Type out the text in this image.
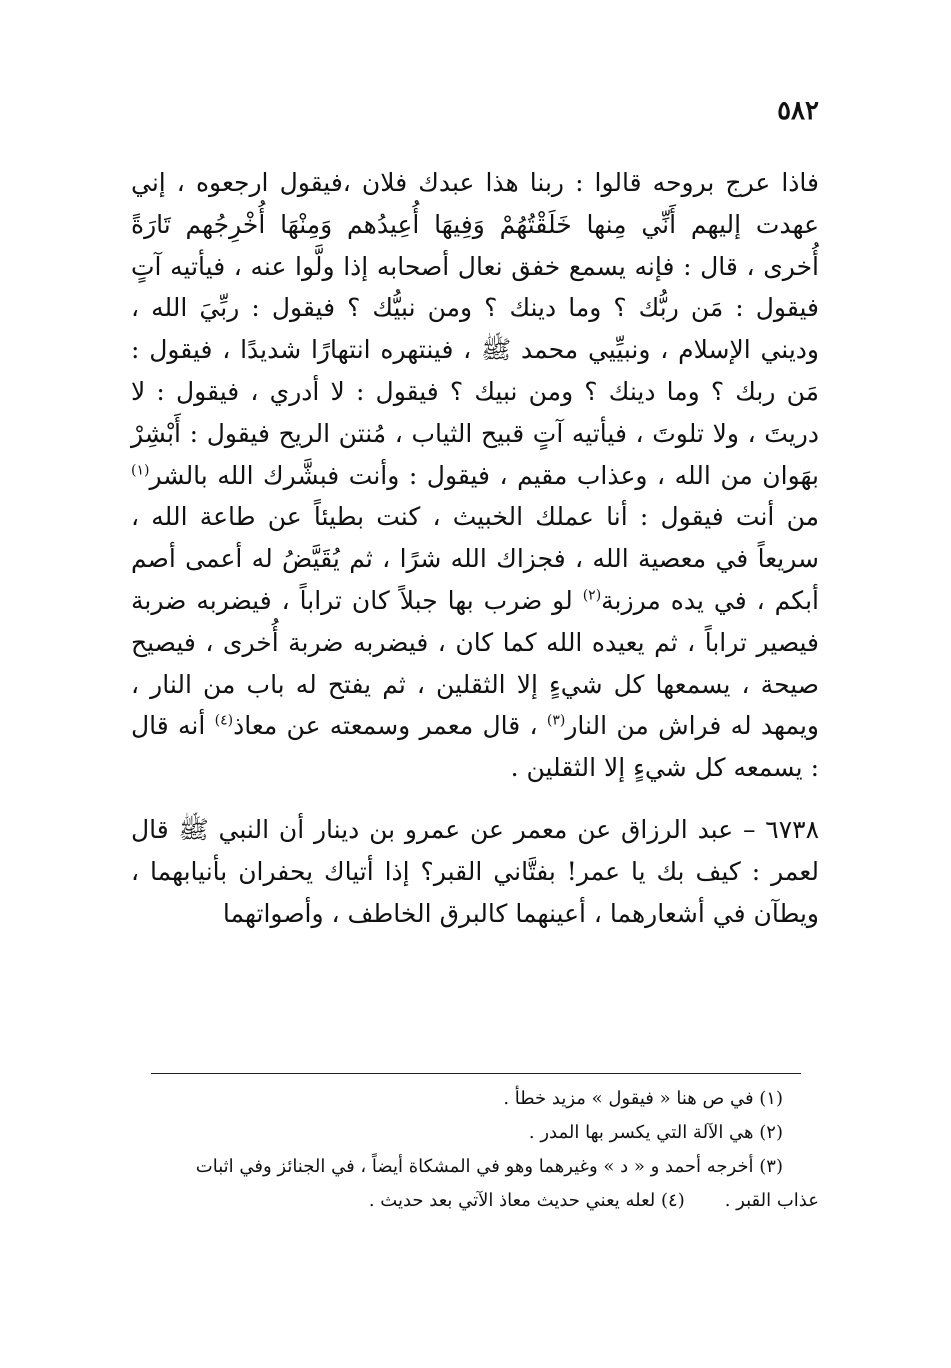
٥٨٢

فاذا عرج بروحه قالوا : ربنا هذا عبدك فلان ،فيقول ارجعوه ، إني عهدت إليهم أَنِّي مِنها خَلَقْتُهُمْ وَفِيهَا أُعِيدُهم وَمِنْهَا أُخْرِجُهم تَارَةً أُخرى ، قال : فإنه يسمع خفق نعال أصحابه إذا ولَّوا عنه ، فيأتيه آتٍ فيقول : مَن ربُّك ؟ وما دينك ؟ ومن نبيُّك ؟ فيقول : ربِّيَ الله ، وديني الإسلام ، ونبيِّيي محمد ﷺ ، فينتهره انتهارًا شديدًا ، فيقول : مَن ربك ؟ وما دينك ؟ ومن نبيك ؟ فيقول : لا أدري ، فيقول : لا دريتَ ، ولا تلوتَ ، فيأتيه آتٍ قبيح الثياب ، مُنتن الريح فيقول : أَبْشِرْ بهَوان من الله ، وعذاب مقيم ، فيقول : وأنت فبشَّرك الله بالشر$^{(١)}$ من أنت فيقول : أنا عملك الخبيث ، كنت بطيئاً عن طاعة الله ، سريعاً في معصية الله ، فجزاك الله شرًا ، ثم يُقَيَّضُ له أعمى أصم أبكم ، في يده مرزبة$^{(٢)}$ لو ضرب بها جبلاً كان تراباً ، فيضربه ضربة فيصير تراباً ، ثم يعيده الله كما كان ، فيضربه ضربة أُخرى ، فيصيح صيحة ، يسمعها كل شيءٍ إلا الثقلين ، ثم يفتح له باب من النار ، ويمهد له فراش من النار$^{(٣)}$ ، قال معمر وسمعته عن معاذ$^{(٤)}$ أنه قال : يسمعه كل شيءٍ إلا الثقلين .

٦٧٣٨ – عبد الرزاق عن معمر عن عمرو بن دينار أن النبي ﷺ قال لعمر : كيف بك يا عمر! بفتَّاني القبر؟ إذا أتياك يحفران بأنيابهما ، ويطآن في أشعارهما ، أعينهما كالبرق الخاطف ، وأصواتهما

(١) في ص هنا « فيقول » مزيد خطأ .

(٢) هي الآلة التي يكسر بها المدر .

(٣) أخرجه أحمد و « د » وغيرهما وهو في المشكاة أيضاً ، في الجنائز وفي اثبات

عذاب القبر .(٤) لعله يعني حديث معاذ الآتي بعد حديث .
